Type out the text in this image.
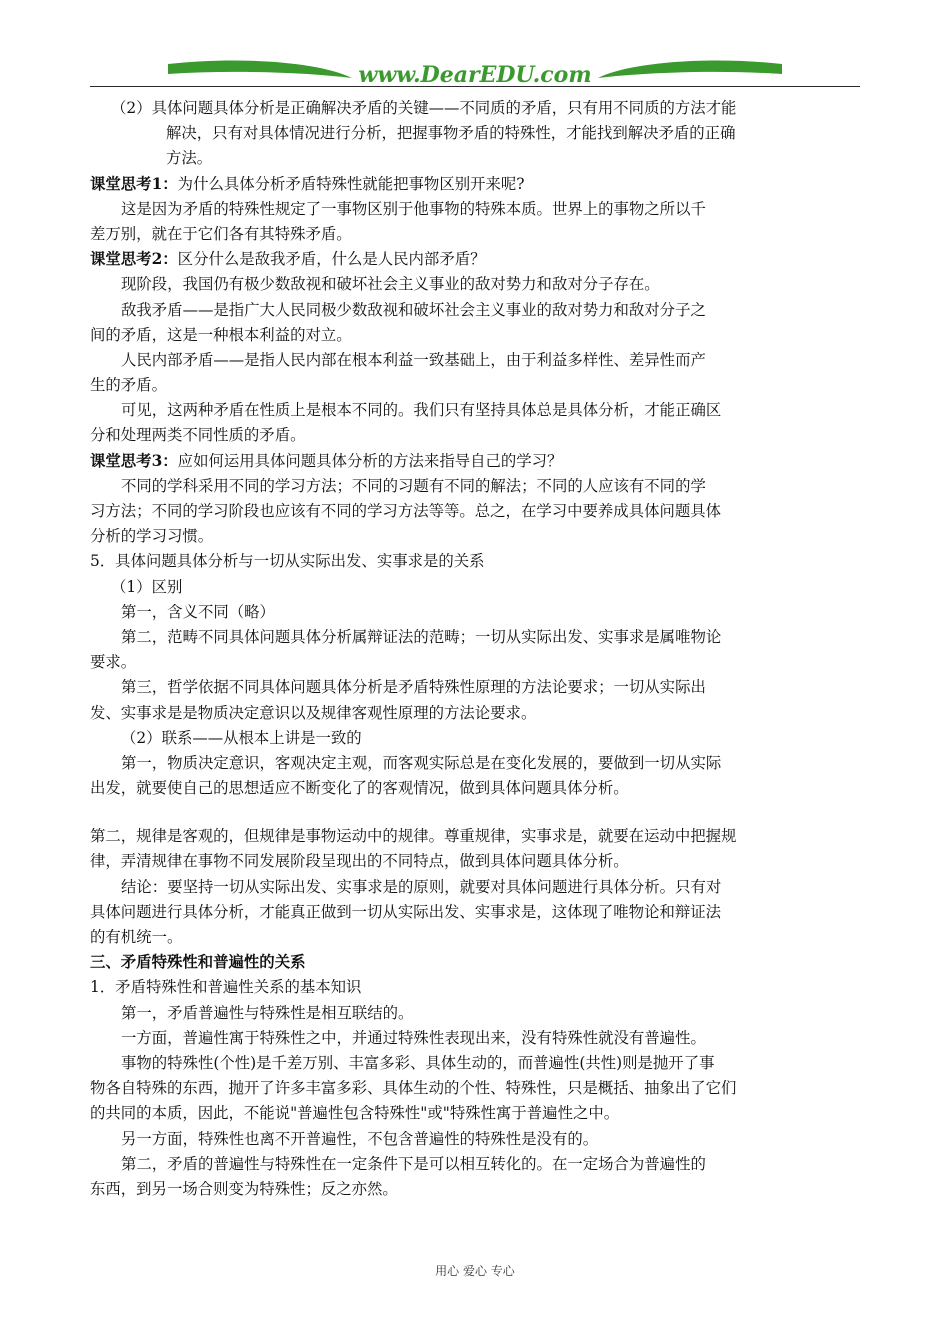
www.DearEDU.com
（2）具体问题具体分析是正确解决矛盾的关键——不同质的矛盾，只有用不同质的方法才能
解决，只有对具体情况进行分析，把握事物矛盾的特殊性，才能找到解决矛盾的正确
方法。
课堂思考1：为什么具体分析矛盾特殊性就能把事物区别开来呢?
这是因为矛盾的特殊性规定了一事物区别于他事物的特殊本质。世界上的事物之所以千
差万别，就在于它们各有其特殊矛盾。
课堂思考2：区分什么是敌我矛盾，什么是人民内部矛盾？
现阶段，我国仍有极少数敌视和破坏社会主义事业的敌对势力和敌对分子存在。
敌我矛盾——是指广大人民同极少数敌视和破坏社会主义事业的敌对势力和敌对分子之
间的矛盾，这是一种根本利益的对立。
人民内部矛盾——是指人民内部在根本利益一致基础上，由于利益多样性、差异性而产
生的矛盾。
可见，这两种矛盾在性质上是根本不同的。我们只有坚持具体总是具体分析，才能正确区
分和处理两类不同性质的矛盾。
课堂思考3：应如何运用具体问题具体分析的方法来指导自己的学习？
不同的学科采用不同的学习方法；不同的习题有不同的解法；不同的人应该有不同的学
习方法；不同的学习阶段也应该有不同的学习方法等等。总之，在学习中要养成具体问题具体
分析的学习习惯。
5．具体问题具体分析与一切从实际出发、实事求是的关系
（1）区别
第一，含义不同（略）
第二，范畴不同具体问题具体分析属辩证法的范畴；一切从实际出发、实事求是属唯物论
要求。
第三，哲学依据不同具体问题具体分析是矛盾特殊性原理的方法论要求；一切从实际出
发、实事求是是物质决定意识以及规律客观性原理的方法论要求。
（2）联系——从根本上讲是一致的
第一，物质决定意识，客观决定主观，而客观实际总是在变化发展的，要做到一切从实际
出发，就要使自己的思想适应不断变化了的客观情况，做到具体问题具体分析。
第二，规律是客观的，但规律是事物运动中的规律。尊重规律，实事求是，就要在运动中把握规
律，弄清规律在事物不同发展阶段呈现出的不同特点，做到具体问题具体分析。
结论：要坚持一切从实际出发、实事求是的原则，就要对具体问题进行具体分析。只有对
具体问题进行具体分析，才能真正做到一切从实际出发、实事求是，这体现了唯物论和辩证法
的有机统一。
三、矛盾特殊性和普遍性的关系
1．矛盾特殊性和普遍性关系的基本知识
第一，矛盾普遍性与特殊性是相互联结的。
一方面，普遍性寓于特殊性之中，并通过特殊性表现出来，没有特殊性就没有普遍性。
事物的特殊性(个性)是千差万别、丰富多彩、具体生动的，而普遍性(共性)则是抛开了事
物各自特殊的东西，抛开了许多丰富多彩、具体生动的个性、特殊性，只是概括、抽象出了它们
的共同的本质，因此，不能说"普遍性包含特殊性"或"特殊性寓于普遍性之中。
另一方面，特殊性也离不开普遍性，不包含普遍性的特殊性是没有的。
第二，矛盾的普遍性与特殊性在一定条件下是可以相互转化的。在一定场合为普遍性的
东西，到另一场合则变为特殊性；反之亦然。
用心 爱心 专心
